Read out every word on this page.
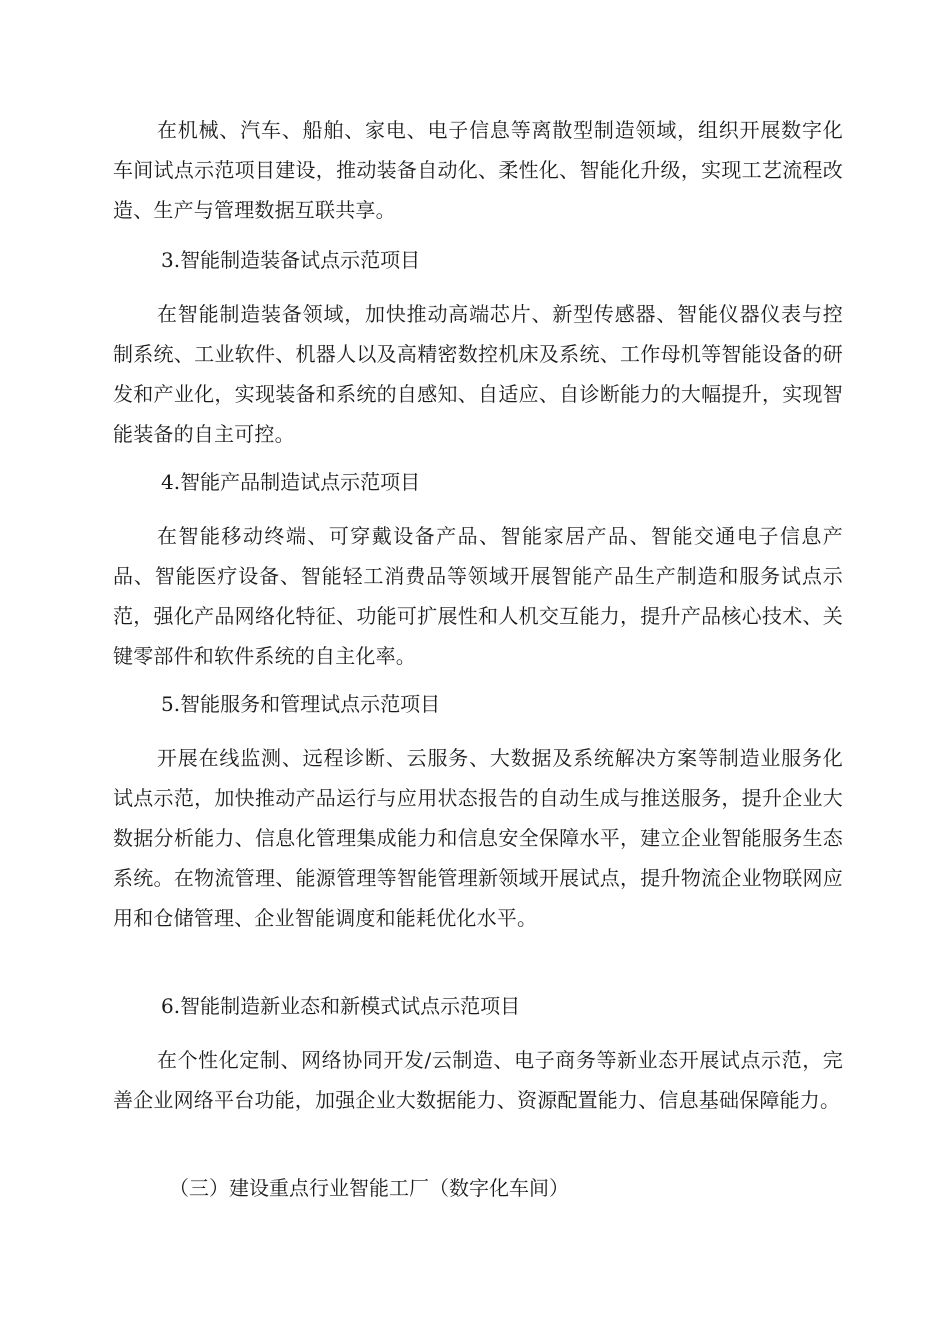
在机械、汽车、船舶、家电、电子信息等离散型制造领域，组织开展数字化车间试点示范项目建设，推动装备自动化、柔性化、智能化升级，实现工艺流程改造、生产与管理数据互联共享。

3.智能制造装备试点示范项目

在智能制造装备领域，加快推动高端芯片、新型传感器、智能仪器仪表与控制系统、工业软件、机器人以及高精密数控机床及系统、工作母机等智能设备的研发和产业化，实现装备和系统的自感知、自适应、自诊断能力的大幅提升，实现智能装备的自主可控。

4.智能产品制造试点示范项目

在智能移动终端、可穿戴设备产品、智能家居产品、智能交通电子信息产品、智能医疗设备、智能轻工消费品等领域开展智能产品生产制造和服务试点示范，强化产品网络化特征、功能可扩展性和人机交互能力，提升产品核心技术、关键零部件和软件系统的自主化率。

5.智能服务和管理试点示范项目

开展在线监测、远程诊断、云服务、大数据及系统解决方案等制造业服务化试点示范，加快推动产品运行与应用状态报告的自动生成与推送服务，提升企业大数据分析能力、信息化管理集成能力和信息安全保障水平，建立企业智能服务生态系统。在物流管理、能源管理等智能管理新领域开展试点，提升物流企业物联网应用和仓储管理、企业智能调度和能耗优化水平。

6.智能制造新业态和新模式试点示范项目

在个性化定制、网络协同开发/云制造、电子商务等新业态开展试点示范，完善企业网络平台功能，加强企业大数据能力、资源配置能力、信息基础保障能力。

（三）建设重点行业智能工厂（数字化车间）
